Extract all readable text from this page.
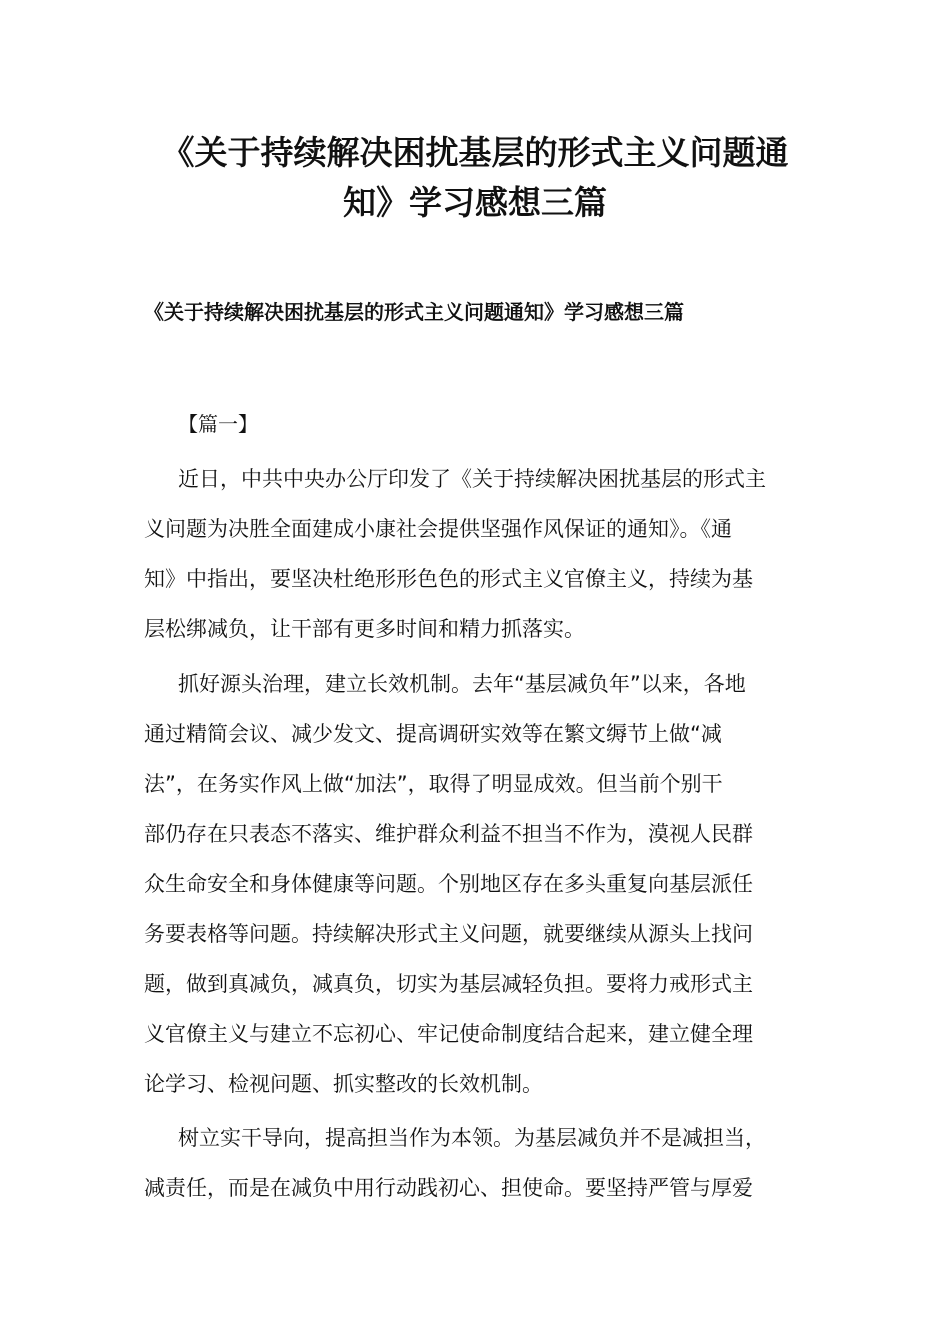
《关于持续解决困扰基层的形式主义问题通
知》学习感想三篇

《关于持续解决困扰基层的形式主义问题通知》学习感想三篇

【篇一】

近日，中共中央办公厅印发了《关于持续解决困扰基层的形式主
义问题为决胜全面建成小康社会提供坚强作风保证的通知》。《通
知》中指出，要坚决杜绝形形色色的形式主义官僚主义，持续为基
层松绑减负，让干部有更多时间和精力抓落实。
抓好源头治理，建立长效机制。去年“基层减负年”以来，各地
通过精简会议、减少发文、提高调研实效等在繁文缛节上做“减
法”，在务实作风上做“加法”，取得了明显成效。但当前个别干
部仍存在只表态不落实、维护群众利益不担当不作为，漠视人民群
众生命安全和身体健康等问题。个别地区存在多头重复向基层派任
务要表格等问题。持续解决形式主义问题，就要继续从源头上找问
题，做到真减负，减真负，切实为基层减轻负担。要将力戒形式主
义官僚主义与建立不忘初心、牢记使命制度结合起来，建立健全理
论学习、检视问题、抓实整改的长效机制。
树立实干导向，提高担当作为本领。为基层减负并不是减担当，
减责任，而是在减负中用行动践初心、担使命。要坚持严管与厚爱
